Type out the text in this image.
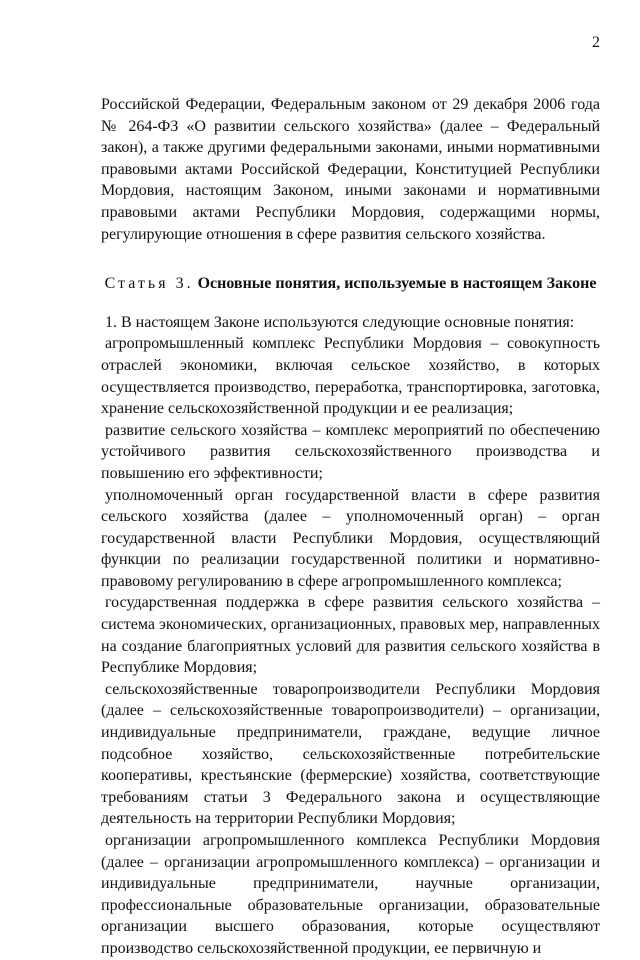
2

Российской Федерации, Федеральным законом от 29 декабря 2006 года № 264-ФЗ «О развитии сельского хозяйства» (далее – Федеральный закон), а также другими федеральными законами, иными нормативными правовыми актами Российской Федерации, Конституцией Республики Мордовия, настоящим Законом, иными законами и нормативными правовыми актами Республики Мордовия, содержащими нормы, регулирующие отношения в сфере развития сельского хозяйства.

Статья 3. Основные понятия, используемые в настоящем Законе

1. В настоящем Законе используются следующие основные понятия:

агропромышленный комплекс Республики Мордовия – совокупность отраслей экономики, включая сельское хозяйство, в которых осуществляется производство, переработка, транспортировка, заготовка, хранение сельскохозяйственной продукции и ее реализация;

развитие сельского хозяйства – комплекс мероприятий по обеспечению устойчивого развития сельскохозяйственного производства и повышению его эффективности;

уполномоченный орган государственной власти в сфере развития сельского хозяйства (далее – уполномоченный орган) – орган государственной власти Республики Мордовия, осуществляющий функции по реализации государственной политики и нормативно-правовому регулированию в сфере агропромышленного комплекса;

государственная поддержка в сфере развития сельского хозяйства – система экономических, организационных, правовых мер, направленных на создание благоприятных условий для развития сельского хозяйства в Республике Мордовия;

сельскохозяйственные товаропроизводители Республики Мордовия (далее – сельскохозяйственные товаропроизводители) – организации, индивидуальные предприниматели, граждане, ведущие личное подсобное хозяйство, сельскохозяйственные потребительские кооперативы, крестьянские (фермерские) хозяйства, соответствующие требованиям статьи 3 Федерального закона и осуществляющие деятельность на территории Республики Мордовия;

организации агропромышленного комплекса Республики Мордовия (далее – организации агропромышленного комплекса) – организации и индивидуальные предприниматели, научные организации, профессиональные образовательные организации, образовательные организации высшего образования, которые осуществляют производство сельскохозяйственной продукции, ее первичную и
